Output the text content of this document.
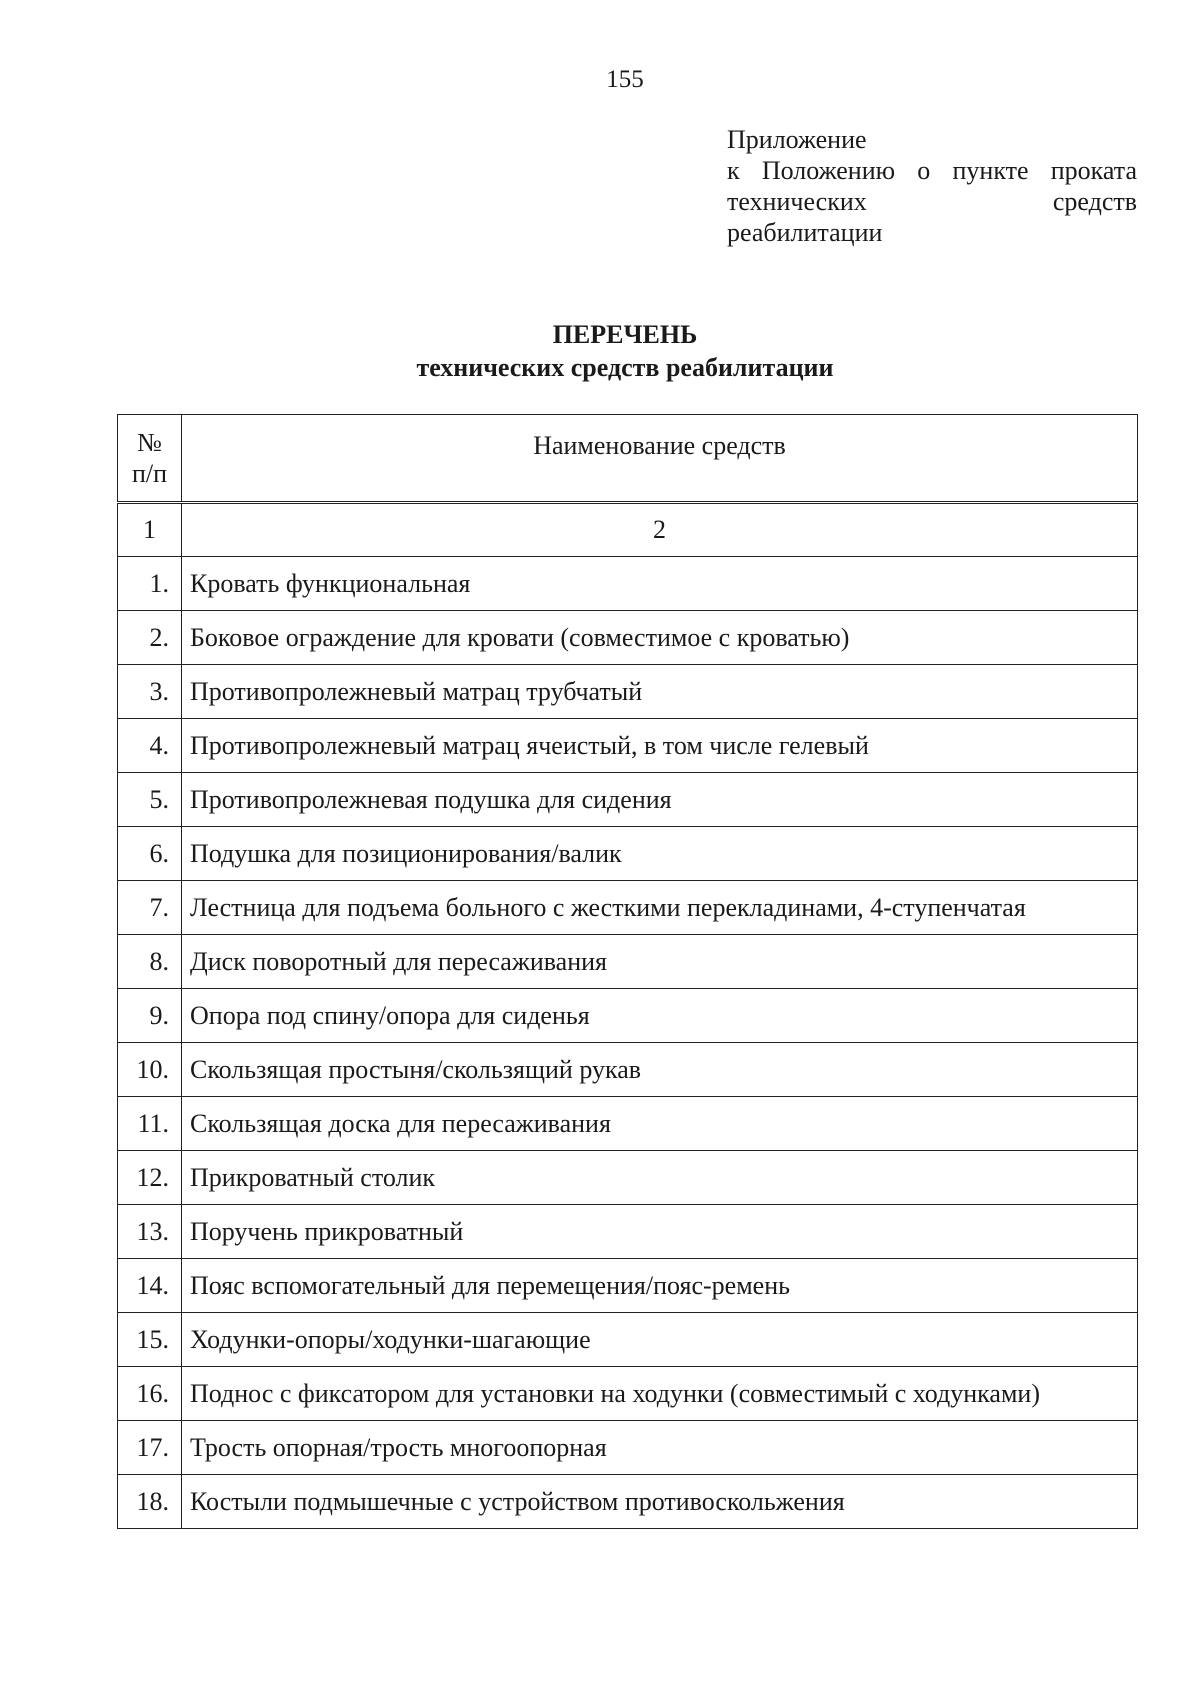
155
Приложение
к Положению о пункте проката
технических средств
реабилитации
ПЕРЕЧЕНЬ
технических средств реабилитации
№
п/п	Наименование средств
1	2
1.	Кровать функциональная
2.	Боковое ограждение для кровати (совместимое с кроватью)
3.	Противопролежневый матрац трубчатый
4.	Противопролежневый матрац ячеистый, в том числе гелевый
5.	Противопролежневая подушка для сидения
6.	Подушка для позиционирования/валик
7.	Лестница для подъема больного с жесткими перекладинами, 4-ступенчатая
8.	Диск поворотный для пересаживания
9.	Опора под спину/опора для сиденья
10.	Скользящая простыня/скользящий рукав
11.	Скользящая доска для пересаживания
12.	Прикроватный столик
13.	Поручень прикроватный
14.	Пояс вспомогательный для перемещения/пояс-ремень
15.	Ходунки-опоры/ходунки-шагающие
16.	Поднос с фиксатором для установки на ходунки (совместимый с ходунками)
17.	Трость опорная/трость многоопорная
18.	Костыли подмышечные с устройством противоскольжения
